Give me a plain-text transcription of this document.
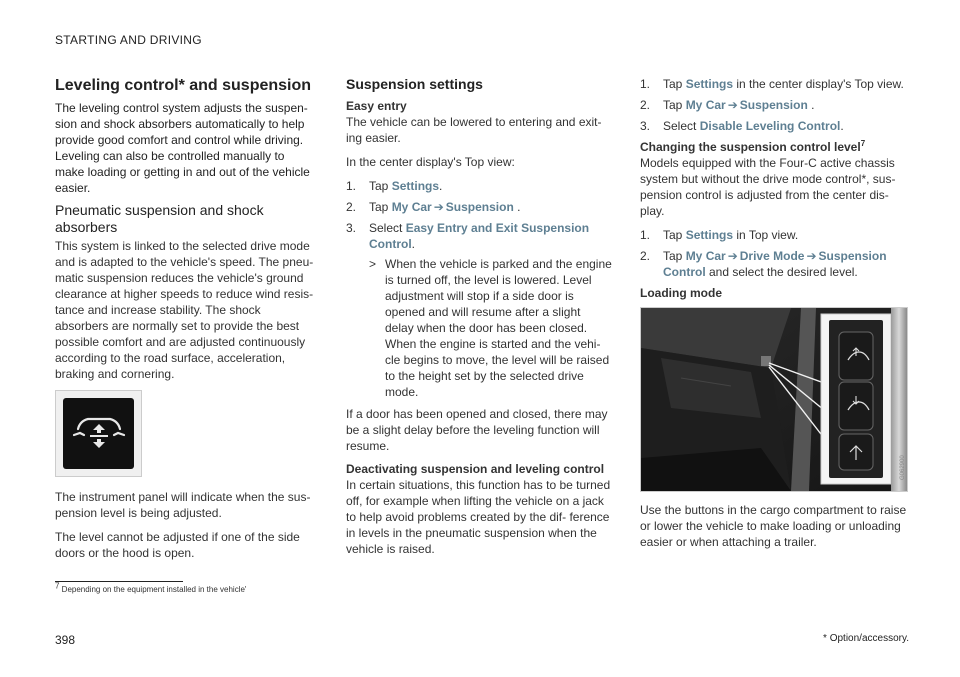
STARTING AND DRIVING
Leveling control* and suspension

The leveling control system adjusts the suspen- sion and shock absorbers automatically to help provide good comfort and control while driving. Leveling can also be controlled manually to make loading or getting in and out of the vehicle easier.

Pneumatic suspension and shock absorbers

This system is linked to the selected drive mode and is adapted to the vehicle's speed. The pneu- matic suspension reduces the vehicle's ground clearance at higher speeds to reduce wind resis- tance and increase stability. The shock absorbers are normally set to provide the best possible comfort and are adjusted continuously according to the road surface, acceleration, braking and cornering.

The instrument panel will indicate when the sus- pension level is being adjusted.

The level cannot be adjusted if one of the side doors or the hood is open.

Suspension settings
Easy entry

The vehicle can be lowered to entering and exit- ing easier.

In the center display's Top view:

1. Tap Settings.
2. Tap My Car ➔ Suspension .
3. Select Easy Entry and Exit Suspension Control.
> When the vehicle is parked and the engine is turned off, the level is lowered. Level adjustment will stop if a side door is opened and will resume after a slight delay when the door has been closed. When the engine is started and the vehi- cle begins to move, the level will be raised to the height set by the selected drive mode.

If a door has been opened and closed, there may be a slight delay before the leveling function will resume.

Deactivating suspension and leveling control

In certain situations, this function has to be turned off, for example when lifting the vehicle on a jack to help avoid problems created by the dif- ference in levels in the pneumatic suspension when the vehicle is raised.

1. Tap Settings in the center display's Top view.
2. Tap My Car ➔ Suspension .
3. Select Disable Leveling Control.
Changing the suspension control level$^7$

Models equipped with the Four-C active chassis system but without the drive mode control*, sus- pension control is adjusted from the center dis- play.

1. Tap Settings in Top view.
2. Tap My Car ➔ Drive Mode ➔ Suspension Control and select the desired level.
Loading mode
G062900

Use the buttons in the cargo compartment to raise or lower the vehicle to make loading or unloading easier or when attaching a trailer.

$^7$ Depending on the equipment installed in the vehicle'
398	* Option/accessory.
